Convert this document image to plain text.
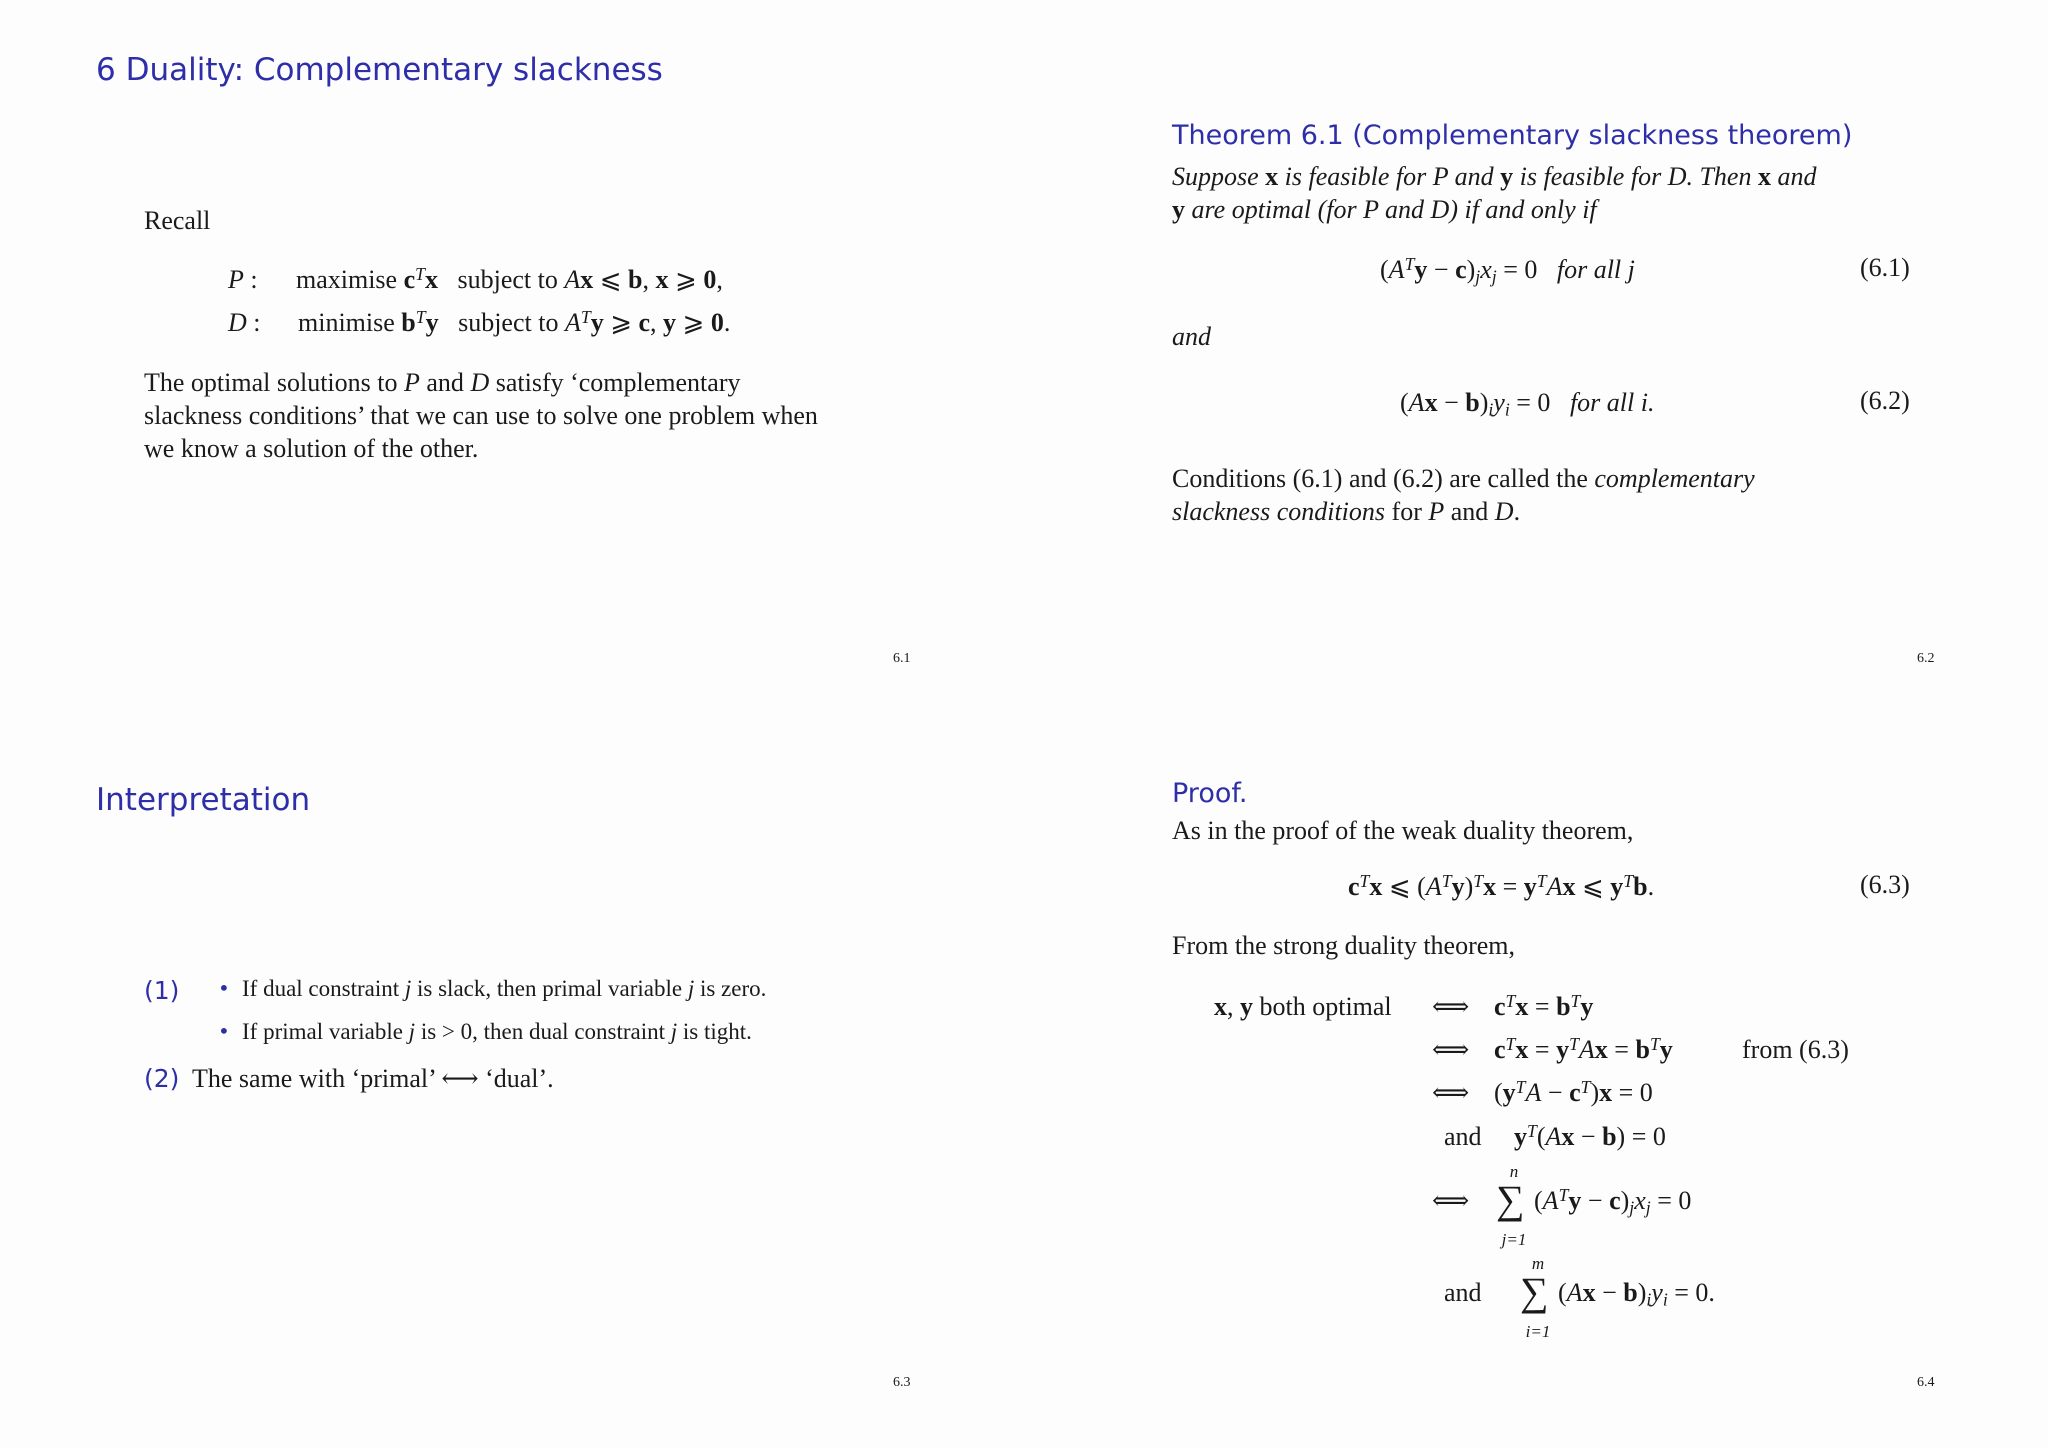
6 Duality: Complementary slackness
Recall
P : maximise $c^Tx$   subject to Ax ⩽ b, x ⩾ 0,
D : minimise $b^Ty$   subject to $A^Ty$ ⩾ c, y ⩾ 0.
The optimal solutions to P and D satisfy ‘complementary
slackness conditions’ that we can use to solve one problem when
we know a solution of the other.
6.1
Theorem 6.1 (Complementary slackness theorem)
Suppose x is feasible for P and y is feasible for D. Then x and
y are optimal (for P and D) if and only if
$(A^Ty - c)_jx_j = 0$   for all j	(6.1)
and
$(Ax - b)_iy_i = 0$   for all i.	(6.2)
Conditions (6.1) and (6.2) are called the complementary
slackness conditions for P and D.
6.2
Interpretation
(1) • If dual constraint j is slack, then primal variable j is zero.
• If primal variable j is > 0, then dual constraint j is tight.
(2) The same with ‘primal’ ⟷ ‘dual’.
6.3
Proof.
As in the proof of the weak duality theorem,
$c^Tx$ ⩽ $(A^Ty)^Tx = y^TAx$ ⩽ $y^Tb$.	(6.3)
From the strong duality theorem,
x, y both optimal ⟺ $c^Tx = b^Ty$
⟺ $c^Tx = y^TAx = b^Ty$	from (6.3)
⟺ $(y^TA - c^T)x = 0$
and $y^T(Ax - b) = 0$
⟺
n
∑
j=1
$(A^Ty - c)_jx_j = 0$
and
m
∑
i=1
$(Ax - b)_iy_i = 0$.
6.4
